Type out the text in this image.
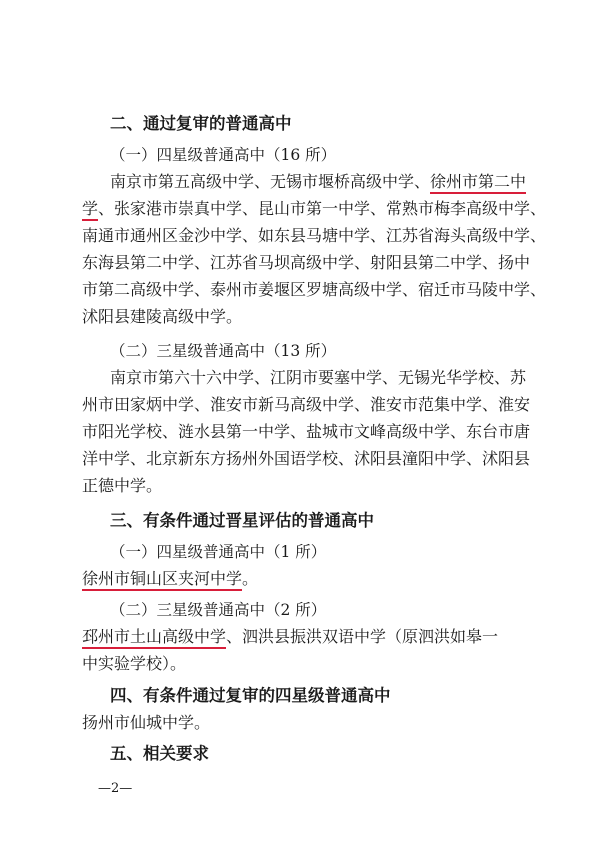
二、通过复审的普通高中
（一）四星级普通高中（16 所）
南京市第五高级中学、无锡市堰桥高级中学、徐州市第二中
学、张家港市崇真中学、昆山市第一中学、常熟市梅李高级中学、
南通市通州区金沙中学、如东县马塘中学、江苏省海头高级中学、
东海县第二中学、江苏省马坝高级中学、射阳县第二中学、扬中
市第二高级中学、泰州市姜堰区罗塘高级中学、宿迁市马陵中学、
沭阳县建陵高级中学。
（二）三星级普通高中（13 所）
南京市第六十六中学、江阴市要塞中学、无锡光华学校、苏
州市田家炳中学、淮安市新马高级中学、淮安市范集中学、淮安
市阳光学校、涟水县第一中学、盐城市文峰高级中学、东台市唐
洋中学、北京新东方扬州外国语学校、沭阳县潼阳中学、沭阳县
正德中学。
三、有条件通过晋星评估的普通高中
（一）四星级普通高中（1 所）
徐州市铜山区夹河中学。
（二）三星级普通高中（2 所）
邳州市土山高级中学、泗洪县振洪双语中学（原泗洪如皋一
中实验学校）。
四、有条件通过复审的四星级普通高中
扬州市仙城中学。
五、相关要求
—2—
